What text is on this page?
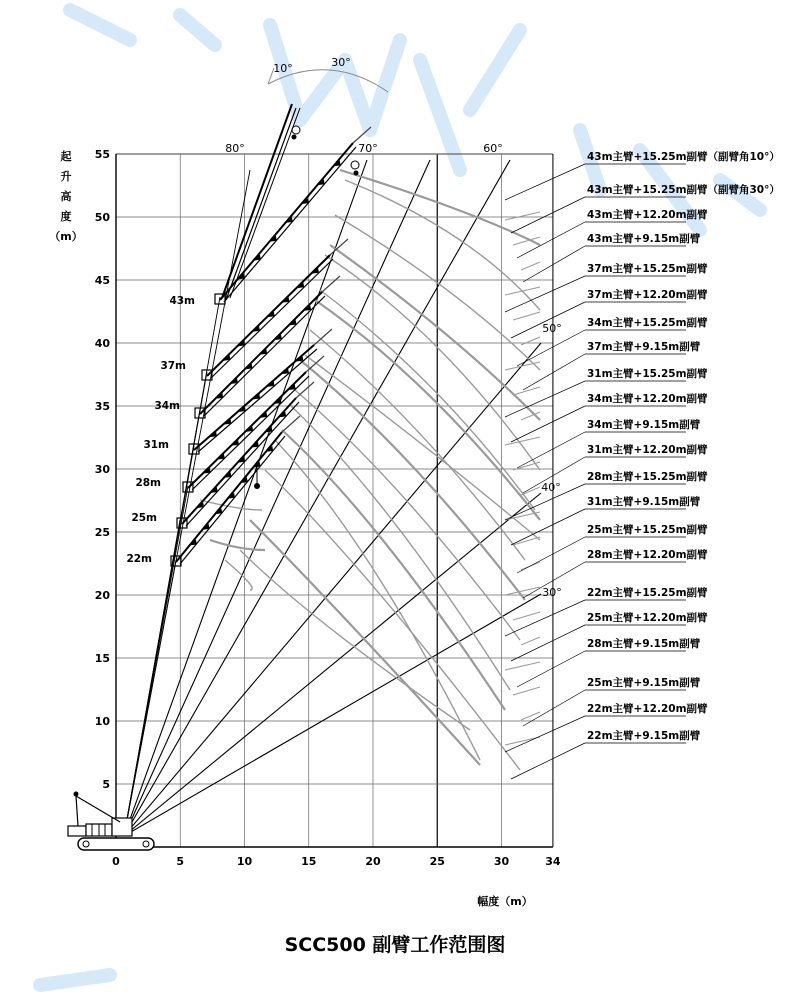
0	5	10	15	20	25	30	34
5
10
15
20
25
30
35
40
45
50
55
起
升
高
度
（m）
幅度（m）
80°	70°	60°
50°
40°
30°
10°	30°
22m
25m
28m
31m
34m
37m
43m
43m主臂+15.25m副臂（副臂角10°）
43m主臂+15.25m副臂（副臂角30°）
43m主臂+12.20m副臂
43m主臂+9.15m副臂
37m主臂+15.25m副臂
37m主臂+12.20m副臂
34m主臂+15.25m副臂
37m主臂+9.15m副臂
31m主臂+15.25m副臂
34m主臂+12.20m副臂
34m主臂+9.15m副臂
31m主臂+12.20m副臂
28m主臂+15.25m副臂
31m主臂+9.15m副臂
25m主臂+15.25m副臂
28m主臂+12.20m副臂
22m主臂+15.25m副臂
25m主臂+12.20m副臂
28m主臂+9.15m副臂
25m主臂+9.15m副臂
22m主臂+12.20m副臂
22m主臂+9.15m副臂
SCC500 副臂工作范围图
